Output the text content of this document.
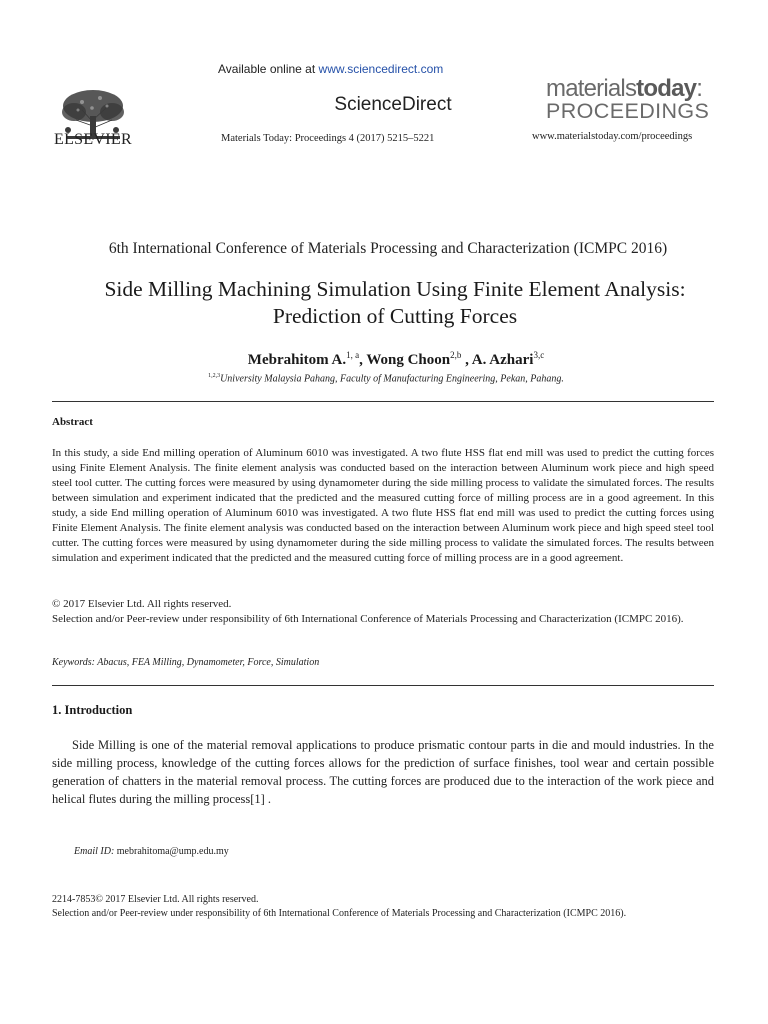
ELSEVIER
Available online at www.sciencedirect.com
ScienceDirect
Materials Today: Proceedings 4 (2017) 5215–5221
materialstoday:
PROCEEDINGS
www.materialstoday.com/proceedings
6th International Conference of Materials Processing and Characterization (ICMPC 2016)
Side Milling Machining Simulation Using Finite Element Analysis:
Prediction of Cutting Forces
Mebrahitom A.$^{1, a}$, Wong Choon$^{2,b}$ , A. Azhari$^{3,c}$
$^{1,2,3}$University Malaysia Pahang, Faculty of Manufacturing Engineering, Pekan, Pahang.
Abstract
In this study, a side End milling operation of Aluminum 6010 was investigated. A two flute HSS flat end mill was used to predict the cutting forces using Finite Element Analysis. The finite element analysis was conducted based on the interaction between Aluminum work piece and high speed steel tool cutter. The cutting forces were measured by using dynamometer during the side milling process to validate the simulated forces. The results between simulation and experiment indicated that the predicted and the measured cutting force of milling process are in a good agreement. In this study, a side End milling operation of Aluminum 6010 was investigated. A two flute HSS flat end mill was used to predict the cutting forces using Finite Element Analysis. The finite element analysis was conducted based on the interaction between Aluminum work piece and high speed steel tool cutter. The cutting forces were measured by using dynamometer during the side milling process to validate the simulated forces. The results between simulation and experiment indicated that the predicted and the measured cutting force of milling process are in a good agreement.
© 2017 Elsevier Ltd. All rights reserved.
Selection and/or Peer-review under responsibility of 6th International Conference of Materials Processing and Characterization (ICMPC 2016).
Keywords: Abacus, FEA Milling, Dynamometer, Force, Simulation
1. Introduction
Side Milling is one of the material removal applications to produce prismatic contour parts in die and mould industries. In the side milling process, knowledge of the cutting forces allows for the prediction of surface finishes, tool wear and certain possible generation of chatters in the material removal process. The cutting forces are produced due to the interaction of the work piece and helical flutes during the milling process[1] .
Email ID: mebrahitoma@ump.edu.my
2214-7853© 2017 Elsevier Ltd. All rights reserved.
Selection and/or Peer-review under responsibility of 6th International Conference of Materials Processing and Characterization (ICMPC 2016).
